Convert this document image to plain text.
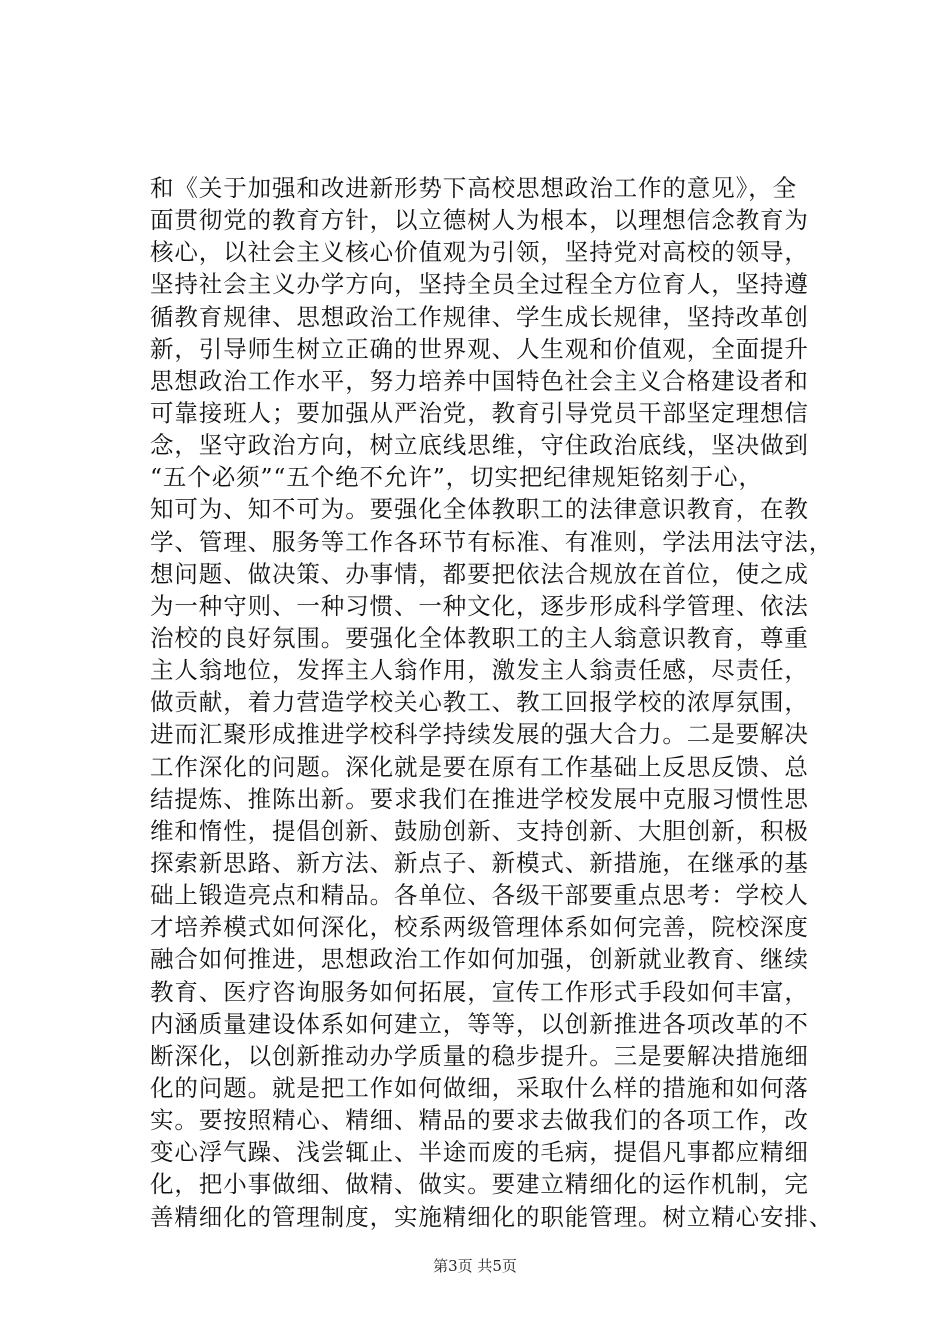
和《关于加强和改进新形势下高校思想政治工作的意见》，全
面贯彻党的教育方针，以立德树人为根本，以理想信念教育为
核心，以社会主义核心价值观为引领，坚持党对高校的领导，
坚持社会主义办学方向，坚持全员全过程全方位育人，坚持遵
循教育规律、思想政治工作规律、学生成长规律，坚持改革创
新，引导师生树立正确的世界观、人生观和价值观，全面提升
思想政治工作水平，努力培养中国特色社会主义合格建设者和
可靠接班人；要加强从严治党，教育引导党员干部坚定理想信
念，坚守政治方向，树立底线思维，守住政治底线，坚决做到
“五个必须”“五个绝不允许”，切实把纪律规矩铭刻于心，
知可为、知不可为。要强化全体教职工的法律意识教育，在教
学、管理、服务等工作各环节有标准、有准则，学法用法守法，
想问题、做决策、办事情，都要把依法合规放在首位，使之成
为一种守则、一种习惯、一种文化，逐步形成科学管理、依法
治校的良好氛围。要强化全体教职工的主人翁意识教育，尊重
主人翁地位，发挥主人翁作用，激发主人翁责任感，尽责任，
做贡献，着力营造学校关心教工、教工回报学校的浓厚氛围，
进而汇聚形成推进学校科学持续发展的强大合力。二是要解决
工作深化的问题。深化就是要在原有工作基础上反思反馈、总
结提炼、推陈出新。要求我们在推进学校发展中克服习惯性思
维和惰性，提倡创新、鼓励创新、支持创新、大胆创新，积极
探索新思路、新方法、新点子、新模式、新措施，在继承的基
础上锻造亮点和精品。各单位、各级干部要重点思考：学校人
才培养模式如何深化，校系两级管理体系如何完善，院校深度
融合如何推进，思想政治工作如何加强，创新就业教育、继续
教育、医疗咨询服务如何拓展，宣传工作形式手段如何丰富，
内涵质量建设体系如何建立，等等，以创新推进各项改革的不
断深化，以创新推动办学质量的稳步提升。三是要解决措施细
化的问题。就是把工作如何做细，采取什么样的措施和如何落
实。要按照精心、精细、精品的要求去做我们的各项工作，改
变心浮气躁、浅尝辄止、半途而废的毛病，提倡凡事都应精细
化，把小事做细、做精、做实。要建立精细化的运作机制，完
善精细化的管理制度，实施精细化的职能管理。树立精心安排、
第3页 共5页
